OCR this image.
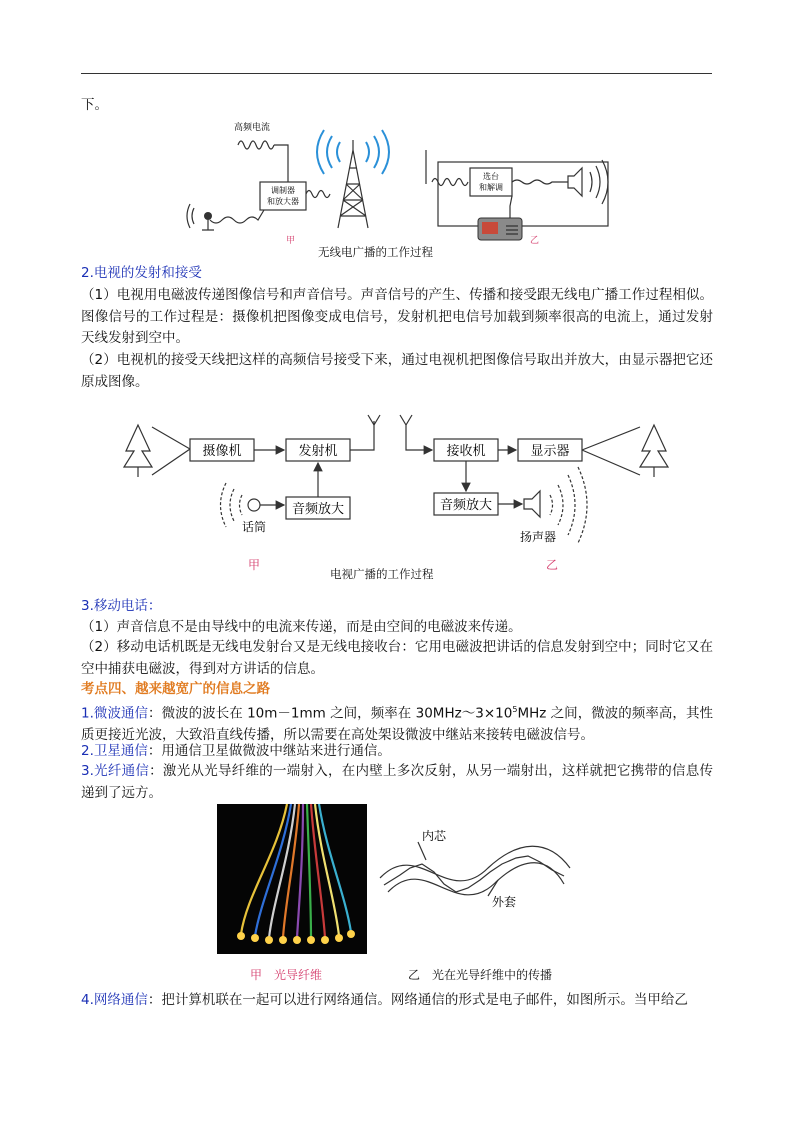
下。
高频电流
调制器
和放大器
甲
选台
和解调
乙
无线电广播的工作过程
2.电视的发射和接受
（1）电视用电磁波传递图像信号和声音信号。声音信号的产生、传播和接受跟无线电广播工作过程相似。图像信号的工作过程是：摄像机把图像变成电信号，发射机把电信号加载到频率很高的电流上，通过发射天线发射到空中。
（2）电视机的接受天线把这样的高频信号接受下来，通过电视机把图像信号取出并放大，由显示器把它还原成图像。
摄像机	发射机
音频放大
话筒
甲
接收机	显示器
音频放大
扬声器
乙
电视广播的工作过程
3.移动电话：
（1）声音信息不是由导线中的电流来传递，而是由空间的电磁波来传递。
（2）移动电话机既是无线电发射台又是无线电接收台：它用电磁波把讲话的信息发射到空中；同时它又在空中捕获电磁波，得到对方讲话的信息。
考点四、越来越宽广的信息之路
1.微波通信：微波的波长在 10m－1mm 之间，频率在 $30MHz\sim 3\times 10^5MHz$ 之间，微波的频率高，其性质更接近光波，大致沿直线传播，所以需要在高处架设微波中继站来接转电磁波信号。
2.卫星通信：用通信卫星做微波中继站来进行通信。
3.光纤通信：激光从光导纤维的一端射入，在内壁上多次反射，从另一端射出，这样就把它携带的信息传递到了远方。
内芯
外套
甲　光导纤维	乙　光在光导纤维中的传播
4.网络通信：把计算机联在一起可以进行网络通信。网络通信的形式是电子邮件，如图所示。当甲给乙
